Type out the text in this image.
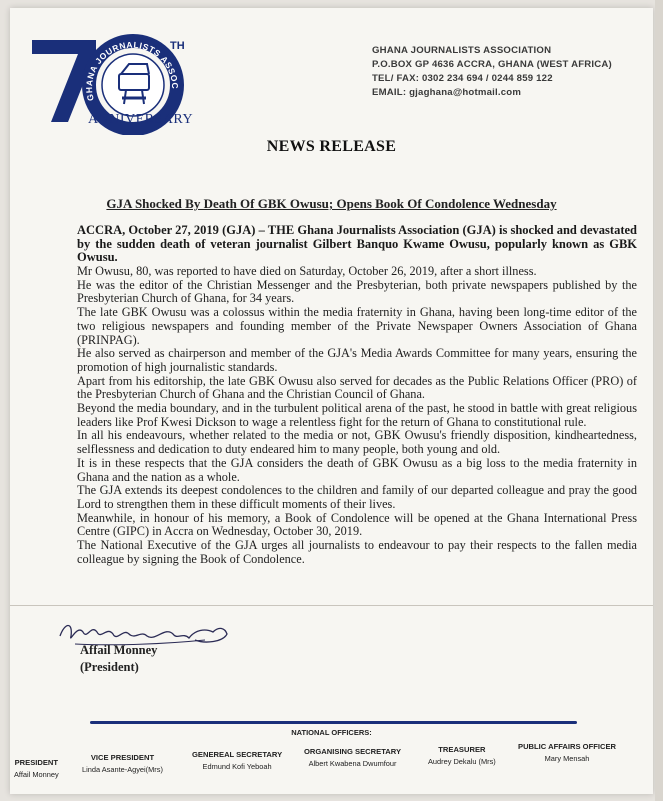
GHANA JOURNALISTS ASSOC
TH
ANNIVERSARY
GHANA JOURNALISTS ASSOCIATION
P.O.BOX GP 4636 ACCRA, GHANA (WEST AFRICA)
TEL/ FAX: 0302 234 694 / 0244 859 122
EMAIL: gjaghana@hotmail.com
NEWS RELEASE
GJA Shocked By Death Of GBK Owusu; Opens Book Of Condolence Wednesday
ACCRA, October 27, 2019 (GJA) – THE Ghana Journalists Association (GJA) is shocked and devastated by the sudden death of veteran journalist Gilbert Banquo Kwame Owusu, popularly known as GBK Owusu.

Mr Owusu, 80, was reported to have died on Saturday, October 26, 2019, after a short illness.

He was the editor of the Christian Messenger and the Presbyterian, both private newspapers published by the Presbyterian Church of Ghana, for 34 years.

The late GBK Owusu was a colossus within the media fraternity in Ghana, having been long-time editor of the two religious newspapers and founding member of the Private Newspaper Owners Association of Ghana (PRINPAG).

He also served as chairperson and member of the GJA's Media Awards Committee for many years, ensuring the promotion of high journalistic standards.

Apart from his editorship, the late GBK Owusu also served for decades as the Public Relations Officer (PRO) of the Presbyterian Church of Ghana and the Christian Council of Ghana.

Beyond the media boundary, and in the turbulent political arena of the past, he stood in battle with great religious leaders like Prof Kwesi Dickson to wage a relentless fight for the return of Ghana to constitutional rule.

In all his endeavours, whether related to the media or not, GBK Owusu's friendly disposition, kindheartedness, selflessness and dedication to duty endeared him to many people, both young and old.

It is in these respects that the GJA considers the death of GBK Owusu as a big loss to the media fraternity in Ghana and the nation as a whole.

The GJA extends its deepest condolences to the children and family of our departed colleague and pray the good Lord to strengthen them in these difficult moments of their lives.

Meanwhile, in honour of his memory, a Book of Condolence will be opened at the Ghana International Press Centre (GIPC) in Accra on Wednesday, October 30, 2019.

The National Executive of the GJA urges all journalists to endeavour to pay their respects to the fallen media colleague by signing the Book of Condolence.

Affail Monney
(President)
NATIONAL OFFICERS:
PRESIDENT
Affail Monney
VICE PRESIDENT
Linda Asante-Agyei(Mrs)
GENEREAL SECRETARY
Edmund Kofi Yeboah
ORGANISING SECRETARY
Albert Kwabena Dwumfour
TREASURER
Audrey Dekalu (Mrs)
PUBLIC AFFAIRS OFFICER
Mary Mensah
